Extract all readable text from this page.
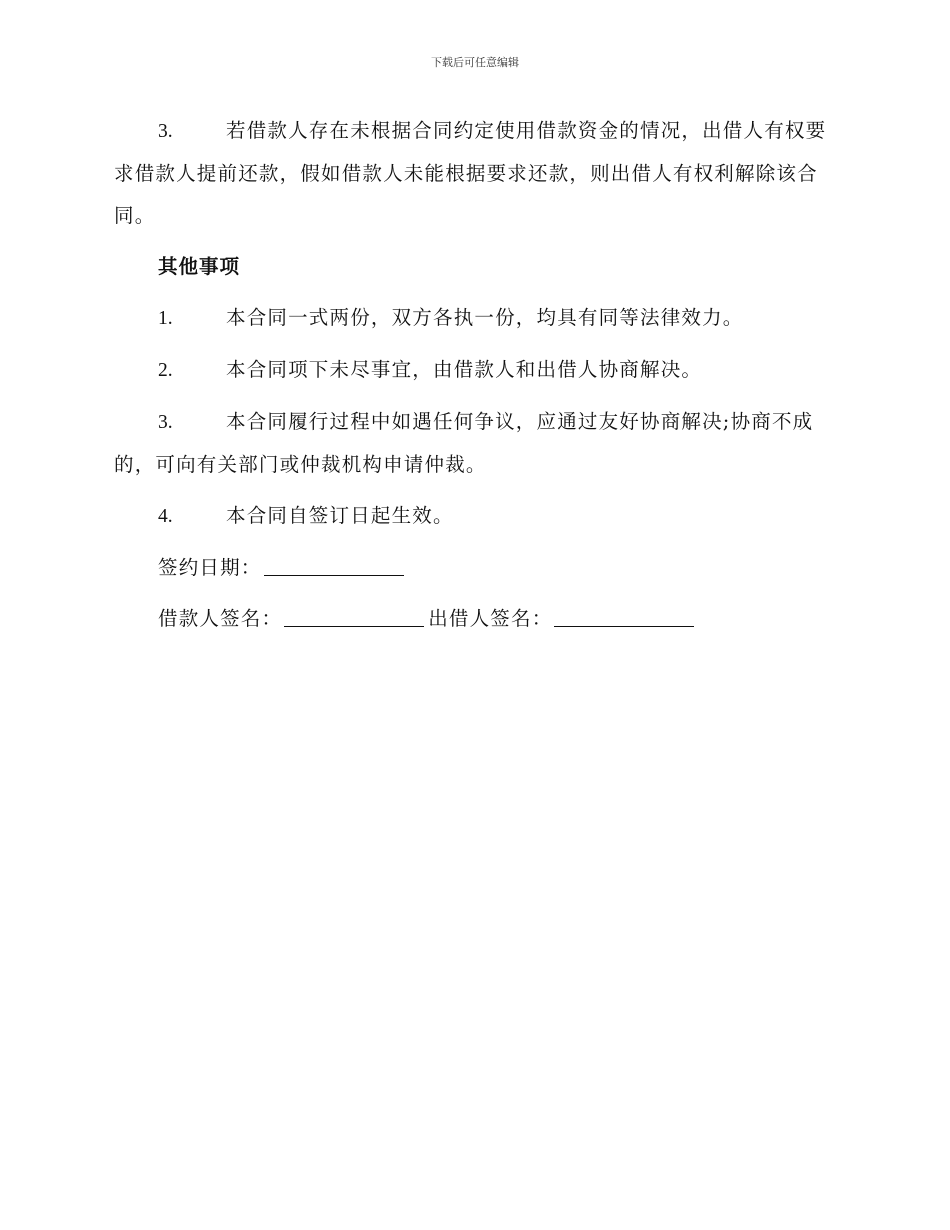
下载后可任意编辑

3.	若借款人存在未根据合同约定使用借款资金的情况，出借人有权要求借款人提前还款，假如借款人未能根据要求还款，则出借人有权利解除该合同。

其他事项

1.	本合同一式两份，双方各执一份，均具有同等法律效力。

2.	本合同项下未尽事宜，由借款人和出借人协商解决。

3.	本合同履行过程中如遇任何争议，应通过友好协商解决;协商不成的，可向有关部门或仲裁机构申请仲裁。

4.	本合同自签订日起生效。

签约日期：
借款人签名：	出借人签名：
